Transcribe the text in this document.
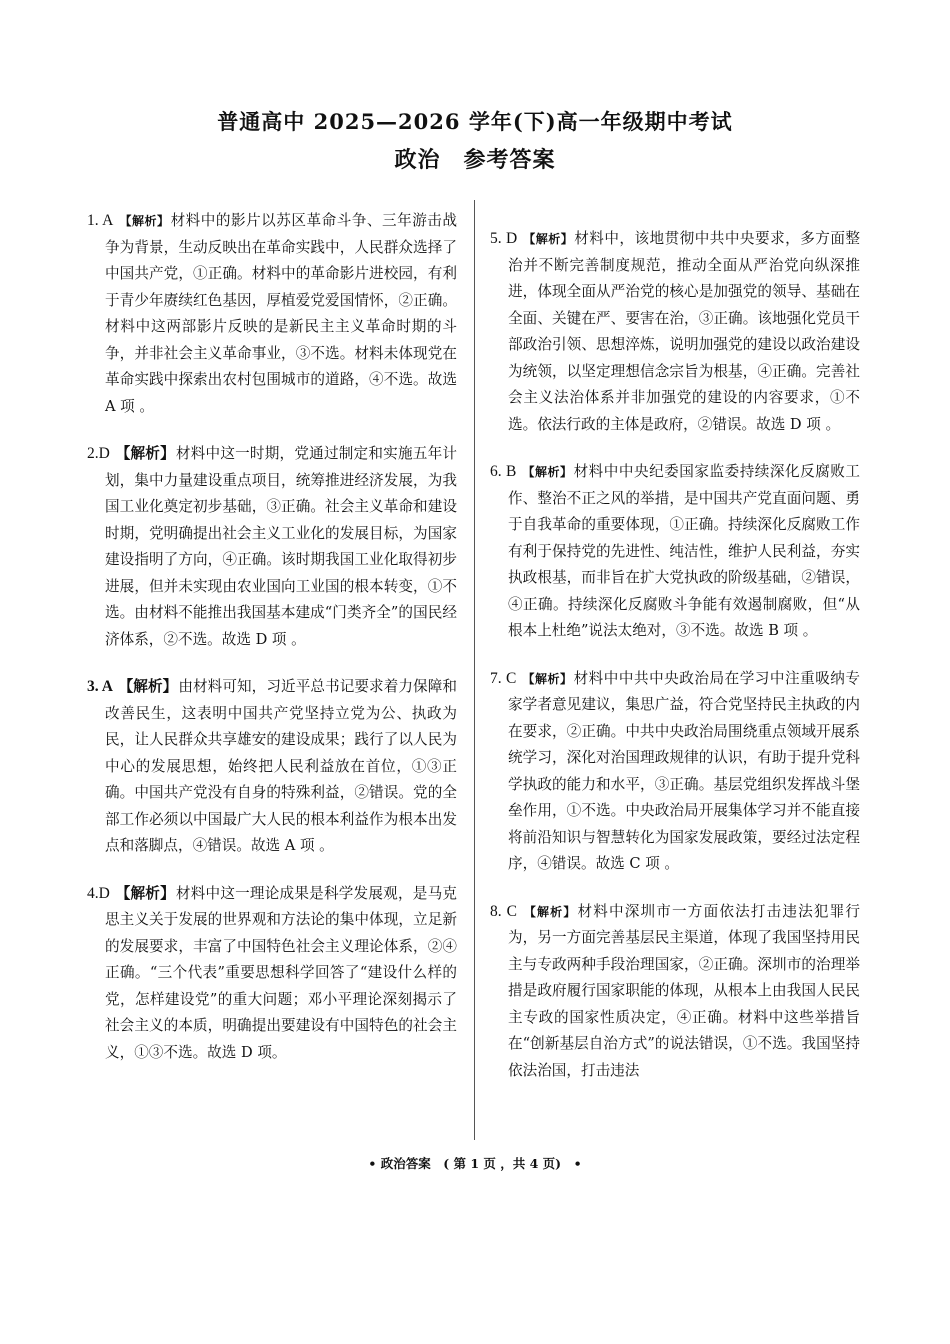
普通高中 2025—2026 学年(下)高一年级期中考试
政治　参考答案
1. A 【解析】材料中的影片以苏区革命斗争、三年游击战争为背景，生动反映出在革命实践中，人民群众选择了中国共产党，①正确。材料中的革命影片进校园，有利于青少年赓续红色基因，厚植爱党爱国情怀，②正确。材料中这两部影片反映的是新民主主义革命时期的斗争，并非社会主义革命事业，③不选。材料未体现党在革命实践中探索出农村包围城市的道路，④不选。故选 A 项 。
2.D 【解析】材料中这一时期，党通过制定和实施五年计划，集中力量建设重点项目，统筹推进经济发展，为我国工业化奠定初步基础，③正确。社会主义革命和建设时期，党明确提出社会主义工业化的发展目标，为国家建设指明了方向，④正确。该时期我国工业化取得初步进展，但并未实现由农业国向工业国的根本转变，①不选。由材料不能推出我国基本建成“门类齐全”的国民经济体系，②不选。故选 D 项 。
3. A 【解析】由材料可知，习近平总书记要求着力保障和改善民生，这表明中国共产党坚持立党为公、执政为民，让人民群众共享雄安的建设成果；践行了以人民为中心的发展思想，始终把人民利益放在首位，①③正确。中国共产党没有自身的特殊利益，②错误。党的全部工作必须以中国最广大人民的根本利益作为根本出发点和落脚点，④错误。故选 A 项 。
4.D 【解析】材料中这一理论成果是科学发展观，是马克思主义关于发展的世界观和方法论的集中体现，立足新的发展要求，丰富了中国特色社会主义理论体系，②④正确。“三个代表”重要思想科学回答了“建设什么样的党，怎样建设党”的重大问题；邓小平理论深刻揭示了社会主义的本质，明确提出要建设有中国特色的社会主义，①③不选。故选 D 项。
5. D 【解析】材料中，该地贯彻中共中央要求，多方面整治并不断完善制度规范，推动全面从严治党向纵深推进，体现全面从严治党的核心是加强党的领导、基础在全面、关键在严、要害在治，③正确。该地强化党员干部政治引领、思想淬炼，说明加强党的建设以政治建设为统领，以坚定理想信念宗旨为根基，④正确。完善社会主义法治体系并非加强党的建设的内容要求，①不选。依法行政的主体是政府，②错误。故选 D 项 。
6. B 【解析】材料中中央纪委国家监委持续深化反腐败工作、整治不正之风的举措，是中国共产党直面问题、勇于自我革命的重要体现，①正确。持续深化反腐败工作有利于保持党的先进性、纯洁性，维护人民利益，夯实执政根基，而非旨在扩大党执政的阶级基础，②错误，④正确。持续深化反腐败斗争能有效遏制腐败，但“从根本上杜绝”说法太绝对，③不选。故选 B 项 。
7. C 【解析】材料中中共中央政治局在学习中注重吸纳专家学者意见建议，集思广益，符合党坚持民主执政的内在要求，②正确。中共中央政治局围绕重点领域开展系统学习，深化对治国理政规律的认识，有助于提升党科学执政的能力和水平，③正确。基层党组织发挥战斗堡垒作用，①不选。中央政治局开展集体学习并不能直接将前沿知识与智慧转化为国家发展政策，要经过法定程序，④错误。故选 C 项 。
8. C 【解析】材料中深圳市一方面依法打击违法犯罪行为，另一方面完善基层民主渠道，体现了我国坚持用民主与专政两种手段治理国家，②正确。深圳市的治理举措是政府履行国家职能的体现，从根本上由我国人民民主专政的国家性质决定，④正确。材料中这些举措旨在“创新基层自治方式”的说法错误，①不选。我国坚持依法治国，打击违法
• 政治答案　( 第 1 页 ，共 4 页)　•
